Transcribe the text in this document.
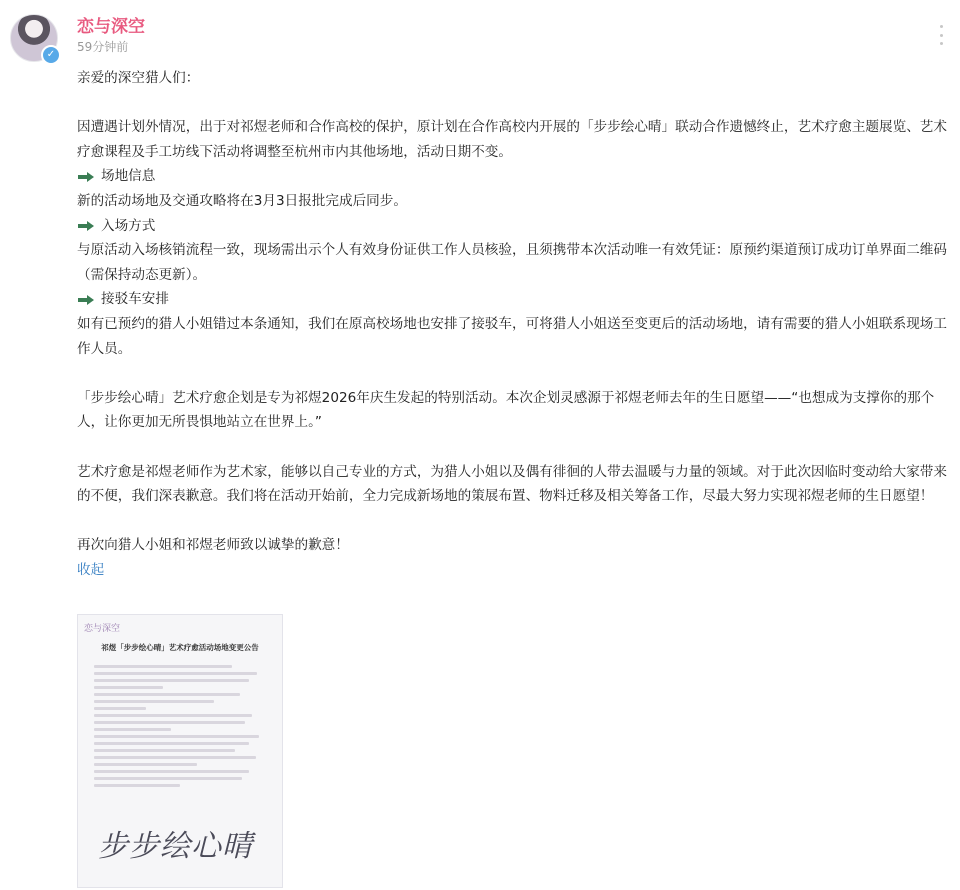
✓
恋与深空
59分钟前

亲爱的深空猎人们：

因遭遇计划外情况，出于对祁煜老师和合作高校的保护，原计划在合作高校内开展的「步步绘心晴」联动合作遗憾终止，艺术疗愈主题展览、艺术疗愈课程及手工坊线下活动将调整至杭州市内其他场地，活动日期不变。

场地信息

新的活动场地及交通攻略将在3月3日报批完成后同步。

入场方式

与原活动入场核销流程一致，现场需出示个人有效身份证供工作人员核验，且须携带本次活动唯一有效凭证：原预约渠道预订成功订单界面二维码（需保持动态更新）。

接驳车安排

如有已预约的猎人小姐错过本条通知，我们在原高校场地也安排了接驳车，可将猎人小姐送至变更后的活动场地，请有需要的猎人小姐联系现场工作人员。

「步步绘心晴」艺术疗愈企划是专为祁煜2026年庆生发起的特别活动。本次企划灵感源于祁煜老师去年的生日愿望——“也想成为支撑你的那个人，让你更加无所畏惧地站立在世界上。”

艺术疗愈是祁煜老师作为艺术家，能够以自己专业的方式，为猎人小姐以及偶有徘徊的人带去温暖与力量的领域。对于此次因临时变动给大家带来的不便，我们深表歉意。我们将在活动开始前，全力完成新场地的策展布置、物料迁移及相关筹备工作，尽最大努力实现祁煜老师的生日愿望！

再次向猎人小姐和祁煜老师致以诚挚的歉意！

收起

恋与深空
祁煜「步步绘心晴」艺术疗愈活动场地变更公告
步步绘心晴
